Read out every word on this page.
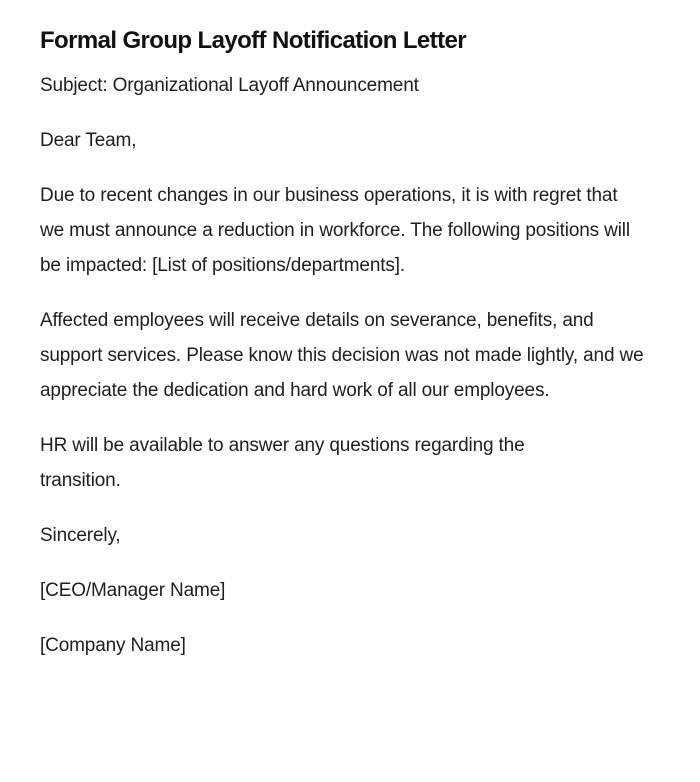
Formal Group Layoff Notification Letter

Subject: Organizational Layoff Announcement

Dear Team,

Due to recent changes in our business operations, it is with regret that we must announce a reduction in workforce. The following positions will be impacted: [List of positions/departments].

Affected employees will receive details on severance, benefits, and support services. Please know this decision was not made lightly, and we appreciate the dedication and hard work of all our employees.

HR will be available to answer any questions regarding the transition.

Sincerely,

[CEO/Manager Name]

[Company Name]
